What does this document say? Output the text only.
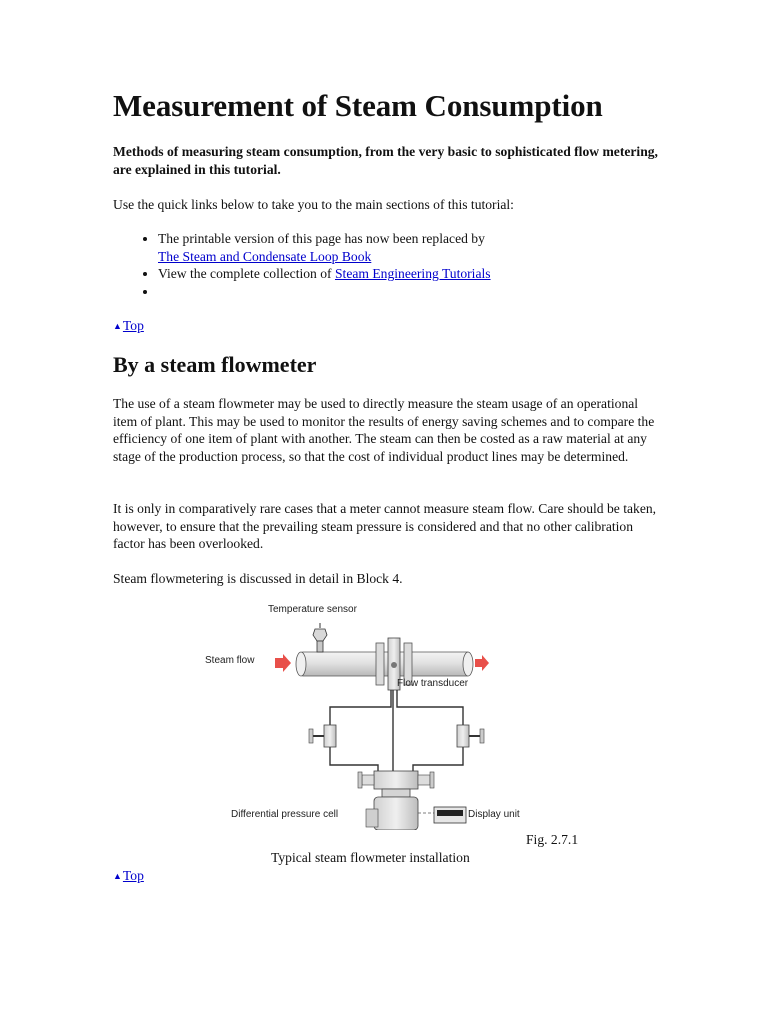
Measurement of Steam Consumption

Methods of measuring steam consumption, from the very basic to sophisticated flow metering, are explained in this tutorial.

Use the quick links below to take you to the main sections of this tutorial:

• The printable version of this page has now been replaced by
The Steam and Condensate Loop Book
• View the complete collection of Steam Engineering Tutorials
•
▲Top
By a steam flowmeter

The use of a steam flowmeter may be used to directly measure the steam usage of an operational item of plant. This may be used to monitor the results of energy saving schemes and to compare the efficiency of one item of plant with another. The steam can then be costed as a raw material at any stage of the production process, so that the cost of individual product lines may be determined.

It is only in comparatively rare cases that a meter cannot measure steam flow. Care should be taken, however, to ensure that the prevailing steam pressure is considered and that no other calibration factor has been overlooked.

Steam flowmetering is discussed in detail in Block 4.

Temperature sensor
Steam flow
Flow transducer
Differential pressure cell	Display unit
Fig. 2.7.1
Typical steam flowmeter installation
▲Top
